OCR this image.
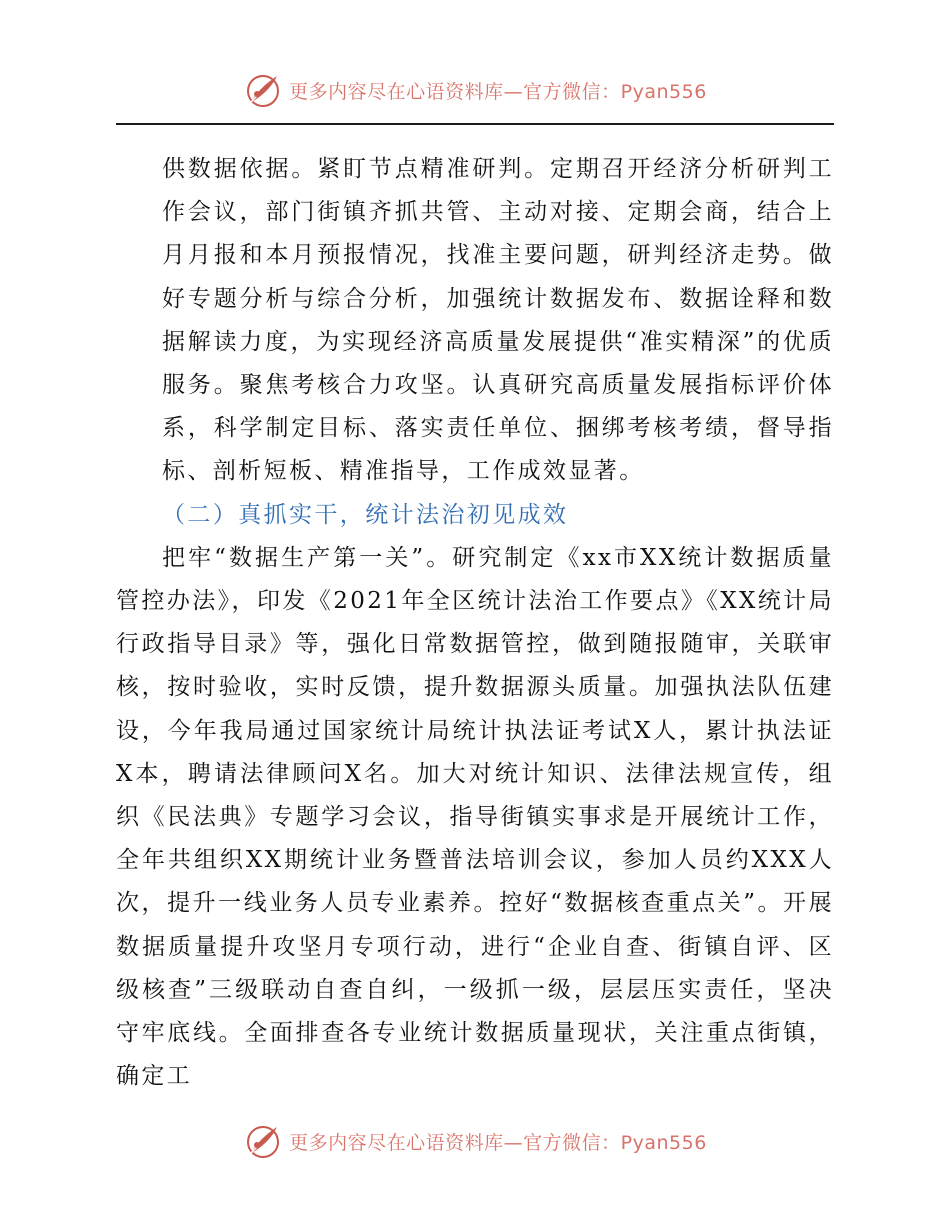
更多内容尽在心语资料库—官方微信：Pyan556

供数据依据。紧盯节点精准研判。定期召开经济分析研判工作会议，部门街镇齐抓共管、主动对接、定期会商，结合上月月报和本月预报情况，找准主要问题，研判经济走势。做好专题分析与综合分析，加强统计数据发布、数据诠释和数据解读力度，为实现经济高质量发展提供“准实精深”的优质服务。聚焦考核合力攻坚。认真研究高质量发展指标评价体系，科学制定目标、落实责任单位、捆绑考核考绩，督导指标、剖析短板、精准指导，工作成效显著。

（二）真抓实干，统计法治初见成效

把牢“数据生产第一关”。研究制定《xx市XX统计数据质量管控办法》，印发《2021年全区统计法治工作要点》《XX统计局行政指导目录》等，强化日常数据管控，做到随报随审，关联审核，按时验收，实时反馈，提升数据源头质量。加强执法队伍建设，今年我局通过国家统计局统计执法证考试X人，累计执法证X本，聘请法律顾问X名。加大对统计知识、法律法规宣传，组织《民法典》专题学习会议，指导街镇实事求是开展统计工作，全年共组织XX期统计业务暨普法培训会议，参加人员约XXX人次，提升一线业务人员专业素养。控好“数据核查重点关”。开展数据质量提升攻坚月专项行动，进行“企业自查、街镇自评、区级核查”三级联动自查自纠，一级抓一级，层层压实责任，坚决守牢底线。全面排查各专业统计数据质量现状，关注重点街镇，确定工

更多内容尽在心语资料库—官方微信：Pyan556
